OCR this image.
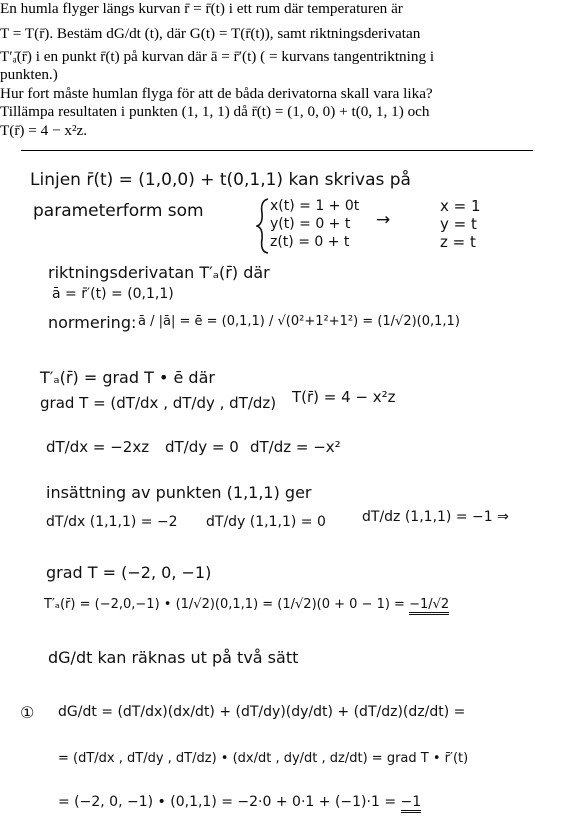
En humla flyger längs kurvan r̄ = r̄(t) i ett rum där temperaturen är
T = T(r̄). Bestäm dG/dt (t), där G(t) = T(r̄(t)), samt riktningsderivatan
T′ₐ̄(r̄) i en punkt r̄(t) på kurvan där ā = r̄′(t) ( = kurvans tangentriktning i
punkten.)
Hur fort måste humlan flyga för att de båda derivatorna skall vara lika?
Tillämpa resultaten i punkten (1, 1, 1) då r̄(t) = (1, 0, 0) + t(0, 1, 1) och
T(r̄) = 4 − x²z.
Linjen r̄(t) = (1,0,0) + t(0,1,1) kan skrivas på
parameterform som	x(t) = 1 + 0t
y(t) = 0 + t
z(t) = 0 + t
→
x = 1
y = t
z = t
riktningsderivatan T′ₐ(r̄) där
ā = r̄′(t) = (0,1,1)
normering: ā / |ā| = ē = (0,1,1) / √(0²+1²+1²) = (1/√2)(0,1,1)
T′ₐ(r̄) = grad T • ē där
grad T = (dT/dx , dT/dy , dT/dz) T(r̄) = 4 − x²z
dT/dx = −2xz dT/dy = 0 dT/dz = −x²
insättning av punkten (1,1,1) ger
dT/dx (1,1,1) = −2 dT/dy (1,1,1) = 0	dT/dz (1,1,1) = −1 ⇒
grad T = (−2, 0, −1)
T′ₐ(r̄) = (−2,0,−1) • (1/√2)(0,1,1) = (1/√2)(0 + 0 − 1) = −1/√2
dG/dt kan räknas ut på två sätt
① dG/dt = (dT/dx)(dx/dt) + (dT/dy)(dy/dt) + (dT/dz)(dz/dt) =
= (dT/dx , dT/dy , dT/dz) • (dx/dt , dy/dt , dz/dt) = grad T • r̄′(t)
= (−2, 0, −1) • (0,1,1) = −2·0 + 0·1 + (−1)·1 = −1
